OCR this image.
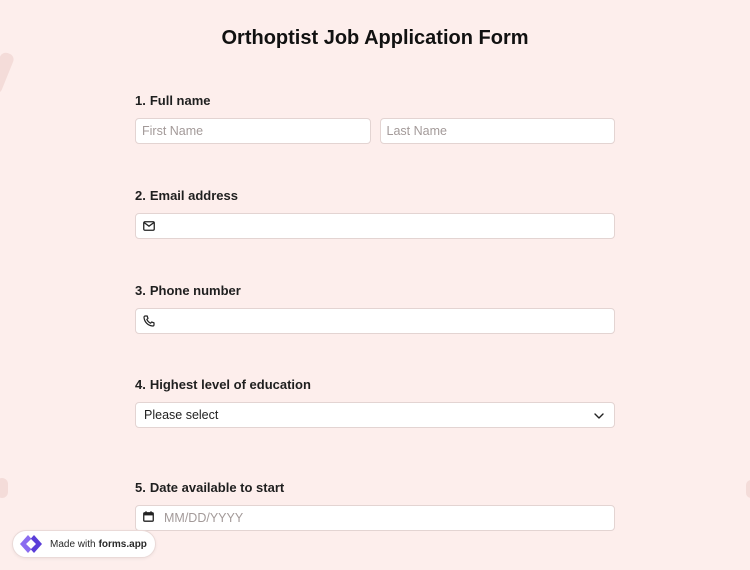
Orthoptist Job Application Form
1. Full name
First Name	Last Name
2. Email address
3. Phone number
4. Highest level of education
Please select
5. Date available to start
MM/DD/YYYY
Made with forms.app
